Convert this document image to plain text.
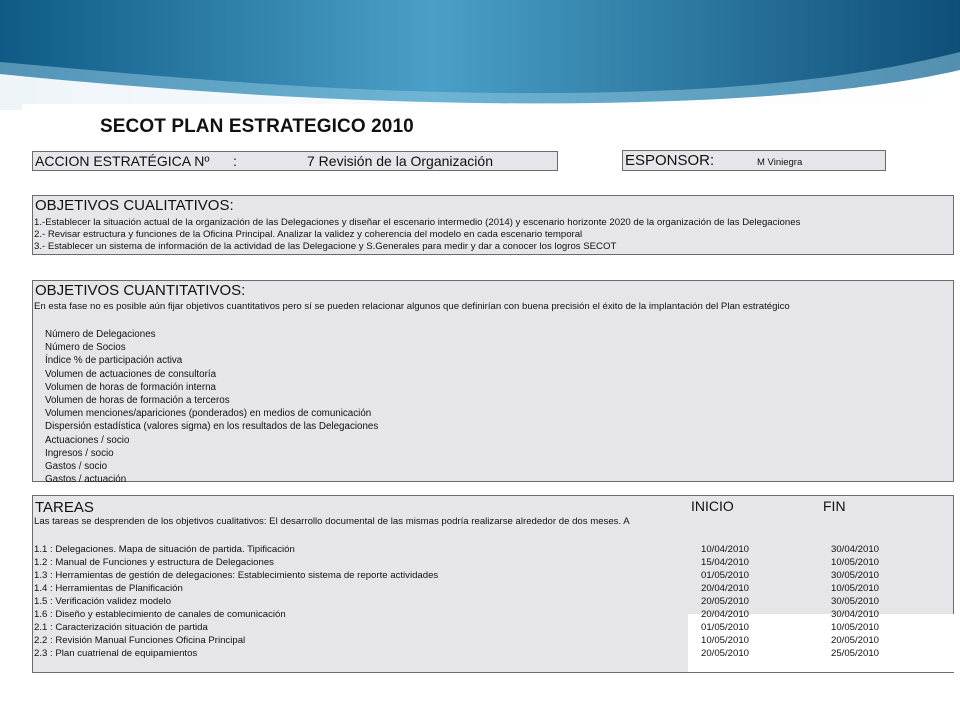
SECOT PLAN ESTRATEGICO 2010
ACCION ESTRATÉGICA Nº :	7 Revisión de la Organización	ESPONSOR:	M Viniegra
OBJETIVOS CUALITATIVOS:
1.-Establecer la situación actual de la organización de las Delegaciones y diseñar el escenario intermedio (2014) y escenario horizonte 2020 de la organización de las Delegaciones
2.- Revisar estructura y funciones de la Oficina Principal. Analizar la validez y coherencia del modelo en cada escenario temporal
3.- Establecer un sistema de información de la actividad de las Delegacione y S.Generales para medir y dar a conocer los logros SECOT
OBJETIVOS CUANTITATIVOS:
En esta fase no es posible aún fijar objetivos cuantitativos pero sí se pueden relacionar algunos que definirían con buena precisión el éxito de la implantación del Plan estratégico
Número de Delegaciones
Número de Socios
Índice % de participación activa
Volumen de actuaciones de consultoría
Volumen de horas de formación interna
Volumen de horas de formación a terceros
Volumen menciones/apariciones (ponderados) en medios de comunicación
Dispersión estadística (valores sigma) en los resultados de las Delegaciones
Actuaciones / socio
Ingresos / socio
Gastos / socio
Gastos / actuación
TAREAS	INICIO	FIN
Las tareas se desprenden de los objetivos cualitativos: El desarrollo documental de las mismas podría realizarse alrededor de dos meses. A
1.1 : Delegaciones. Mapa de situación de partida. Tipificación	10/04/2010	30/04/2010
1.2 : Manual de Funciones y estructura de Delegaciones	15/04/2010	10/05/2010
1.3 : Herramientas de gestión de delegaciones: Establecimiento sistema de reporte actividades	01/05/2010	30/05/2010
1.4 : Herramientas de Planificación	20/04/2010	10/05/2010
1.5 : Verificación validez modelo	20/05/2010	30/05/2010
1.6 : Diseño y establecimiento de canales de comunicación	20/04/2010	30/04/2010
2.1 : Caracterización situación de partida	01/05/2010	10/05/2010
2.2 : Revisión Manual Funciones Oficina Principal	10/05/2010	20/05/2010
2.3 : Plan cuatrienal de equipamientos	20/05/2010	25/05/2010
